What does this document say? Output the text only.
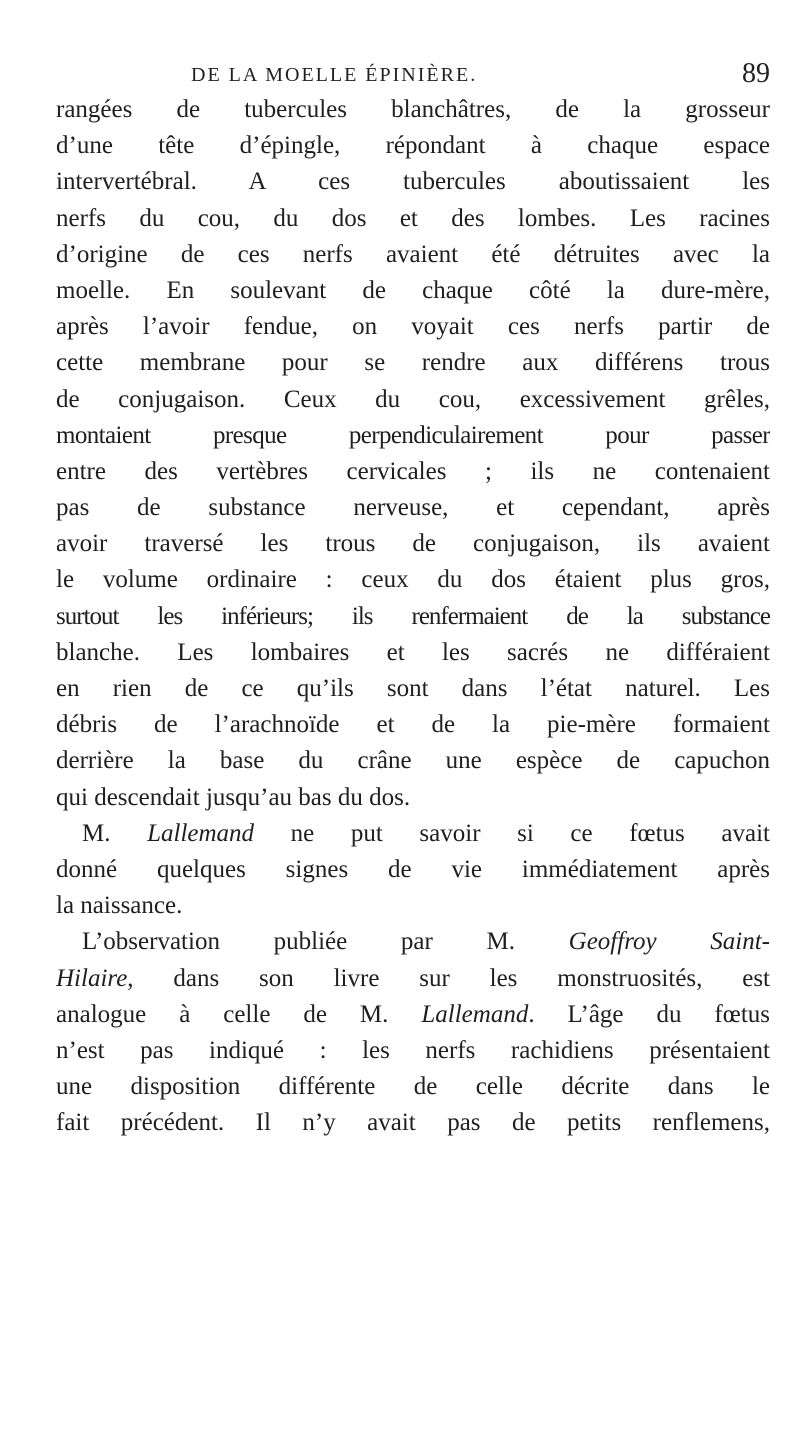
DE LA MOELLE ÉPINIÈRE.	89
rangées de tubercules blanchâtres, de la grosseur
d’une tête d’épingle, répondant à chaque espace
intervertébral. A ces tubercules aboutissaient les
nerfs du cou, du dos et des lombes. Les racines
d’origine de ces nerfs avaient été détruites avec la
moelle. En soulevant de chaque côté la dure-mère,
après l’avoir fendue, on voyait ces nerfs partir de
cette membrane pour se rendre aux différens trous
de conjugaison. Ceux du cou, excessivement grêles,
montaient presque perpendiculairement pour passer
entre des vertèbres cervicales ; ils ne contenaient
pas de substance nerveuse, et cependant, après
avoir traversé les trous de conjugaison, ils avaient
le volume ordinaire : ceux du dos étaient plus gros,
surtout les inférieurs; ils renfermaient de la substance
blanche. Les lombaires et les sacrés ne différaient
en rien de ce qu’ils sont dans l’état naturel. Les
débris de l’arachnoïde et de la pie-mère formaient
derrière la base du crâne une espèce de capuchon
qui descendait jusqu’au bas du dos.
M. Lallemand ne put savoir si ce fœtus avait
donné quelques signes de vie immédiatement après
la naissance.
L’observation publiée par M. Geoffroy Saint-
Hilaire, dans son livre sur les monstruosités, est
analogue à celle de M. Lallemand. L’âge du fœtus
n’est pas indiqué : les nerfs rachidiens présentaient
une disposition différente de celle décrite dans le
fait précédent. Il n’y avait pas de petits renflemens,
